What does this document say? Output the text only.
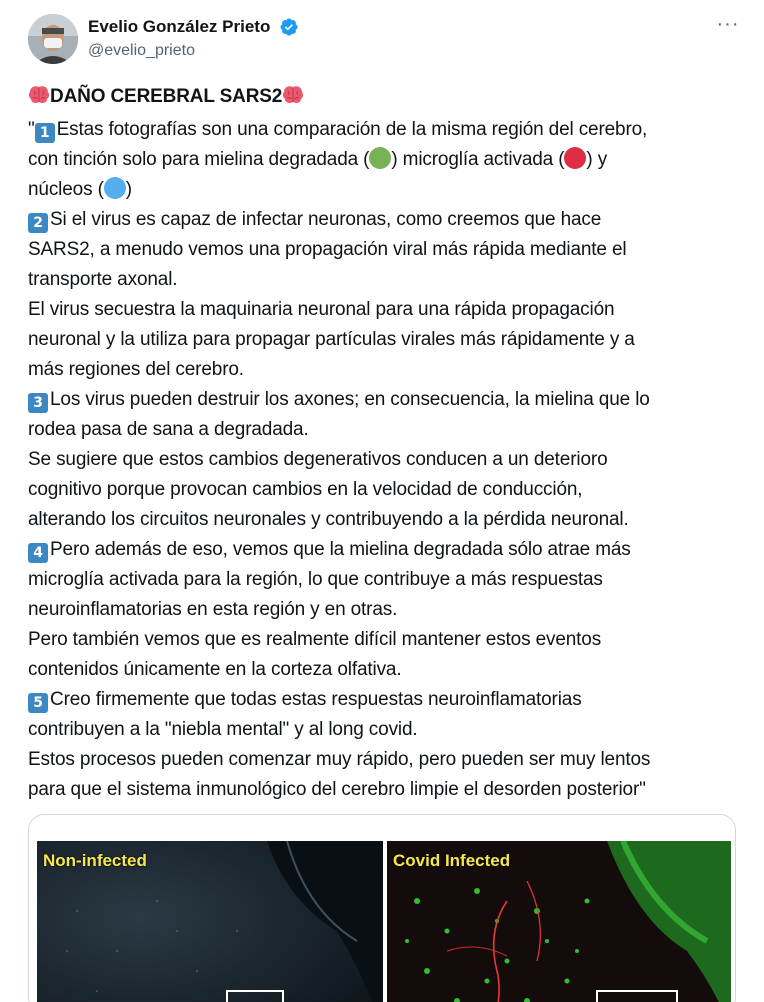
Evelio González Prieto
@evelio_prieto
···
DAÑO CEREBRAL SARS2
" 1 Estas fotografías son una comparación de la misma región del cerebro,
con tinción solo para mielina degradada ( ) microglía activada ( ) y
núcleos ( )
2 Si el virus es capaz de infectar neuronas, como creemos que hace
SARS2, a menudo vemos una propagación viral más rápida mediante el
transporte axonal.
El virus secuestra la maquinaria neuronal para una rápida propagación
neuronal y la utiliza para propagar partículas virales más rápidamente y a
más regiones del cerebro.
3 Los virus pueden destruir los axones; en consecuencia, la mielina que lo
rodea pasa de sana a degradada.
Se sugiere que estos cambios degenerativos conducen a un deterioro
cognitivo porque provocan cambios en la velocidad de conducción,
alterando los circuitos neuronales y contribuyendo a la pérdida neuronal.
4 Pero además de eso, vemos que la mielina degradada sólo atrae más
microglía activada para la región, lo que contribuye a más respuestas
neuroinflamatorias en esta región y en otras.
Pero también vemos que es realmente difícil mantener estos eventos
contenidos únicamente en la corteza olfativa.
5 Creo firmemente que todas estas respuestas neuroinflamatorias
contribuyen a la "niebla mental" y al long covid.
Estos procesos pueden comenzar muy rápido, pero pueden ser muy lentos
para que el sistema inmunológico del cerebro limpie el desorden posterior"
Non-infected	Covid Infected
